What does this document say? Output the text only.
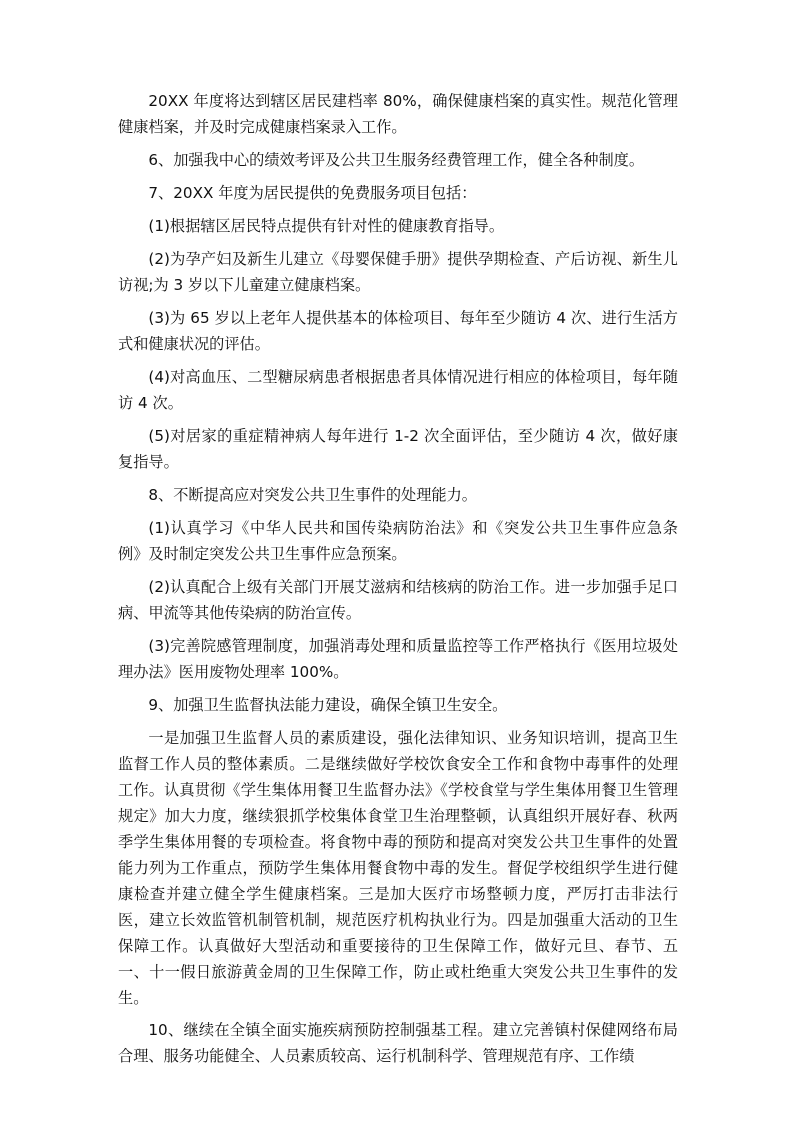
20XX 年度将达到辖区居民建档率 80%，确保健康档案的真实性。规范化管理健康档案，并及时完成健康档案录入工作。

6、加强我中心的绩效考评及公共卫生服务经费管理工作，健全各种制度。

7、20XX 年度为居民提供的免费服务项目包括：

(1)根据辖区居民特点提供有针对性的健康教育指导。

(2)为孕产妇及新生儿建立《母婴保健手册》提供孕期检查、产后访视、新生儿访视;为 3 岁以下儿童建立健康档案。

(3)为 65 岁以上老年人提供基本的体检项目、每年至少随访 4 次、进行生活方式和健康状况的评估。

(4)对高血压、二型糖尿病患者根据患者具体情况进行相应的体检项目，每年随访 4 次。

(5)对居家的重症精神病人每年进行 1-2 次全面评估，至少随访 4 次，做好康复指导。

8、不断提高应对突发公共卫生事件的处理能力。

(1)认真学习《中华人民共和国传染病防治法》和《突发公共卫生事件应急条例》及时制定突发公共卫生事件应急预案。

(2)认真配合上级有关部门开展艾滋病和结核病的防治工作。进一步加强手足口病、甲流等其他传染病的防治宣传。

(3)完善院感管理制度，加强消毒处理和质量监控等工作严格执行《医用垃圾处理办法》医用废物处理率 100%。

9、加强卫生监督执法能力建设，确保全镇卫生安全。

一是加强卫生监督人员的素质建设，强化法律知识、业务知识培训，提高卫生监督工作人员的整体素质。二是继续做好学校饮食安全工作和食物中毒事件的处理工作。认真贯彻《学生集体用餐卫生监督办法》《学校食堂与学生集体用餐卫生管理规定》加大力度，继续狠抓学校集体食堂卫生治理整顿，认真组织开展好春、秋两季学生集体用餐的专项检查。将食物中毒的预防和提高对突发公共卫生事件的处置能力列为工作重点，预防学生集体用餐食物中毒的发生。督促学校组织学生进行健康检查并建立健全学生健康档案。三是加大医疗市场整顿力度，严厉打击非法行医，建立长效监管机制管机制，规范医疗机构执业行为。四是加强重大活动的卫生保障工作。认真做好大型活动和重要接待的卫生保障工作，做好元旦、春节、五一、十一假日旅游黄金周的卫生保障工作，防止或杜绝重大突发公共卫生事件的发生。

10、继续在全镇全面实施疾病预防控制强基工程。建立完善镇村保健网络布局合理、服务功能健全、人员素质较高、运行机制科学、管理规范有序、工作绩
